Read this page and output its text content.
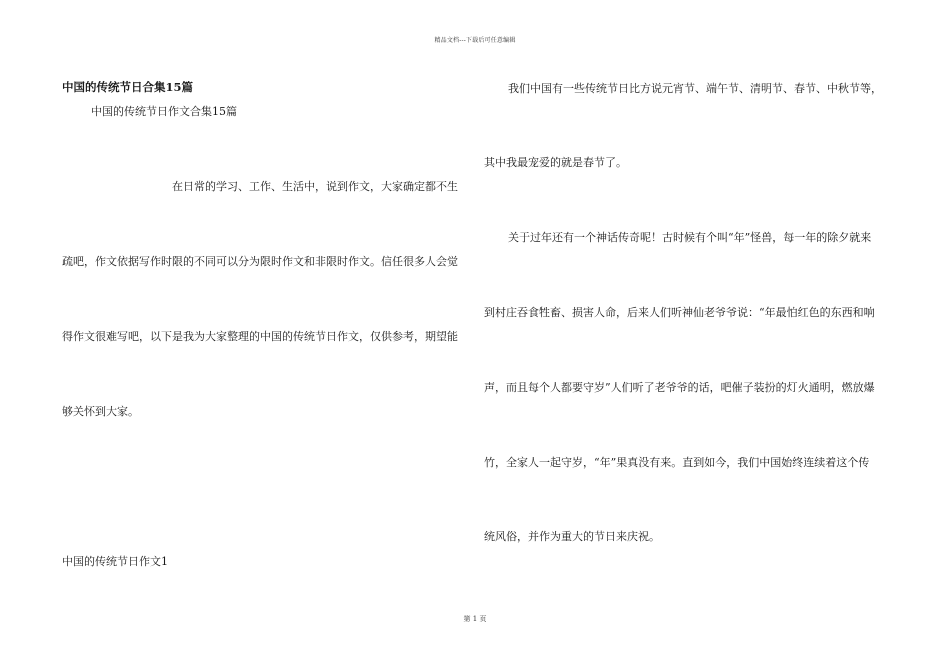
精品文档---下载后可任意编辑
中国的传统节日合集15篇
中国的传统节日作文合集15篇
在日常的学习、工作、生活中，说到作文，大家确定都不生
疏吧，作文依据写作时限的不同可以分为限时作文和非限时作文。信任很多人会觉
得作文很难写吧，以下是我为大家整理的中国的传统节日作文，仅供参考，期望能
够关怀到大家。
中国的传统节日作文1
我们中国有一些传统节日比方说元宵节、端午节、清明节、春节、中秋节等，
其中我最宠爱的就是春节了。
关于过年还有一个神话传奇呢！古时候有个叫“年”怪兽，每一年的除夕就来
到村庄吞食牲畜、损害人命，后来人们听神仙老爷爷说：“年最怕红色的东西和响
声，而且每个人都要守岁”人们听了老爷爷的话，吧催子装扮的灯火通明，燃放爆
竹，全家人一起守岁，“年”果真没有来。直到如今，我们中国始终连续着这个传
统风俗，并作为重大的节日来庆祝。
第 1 页
